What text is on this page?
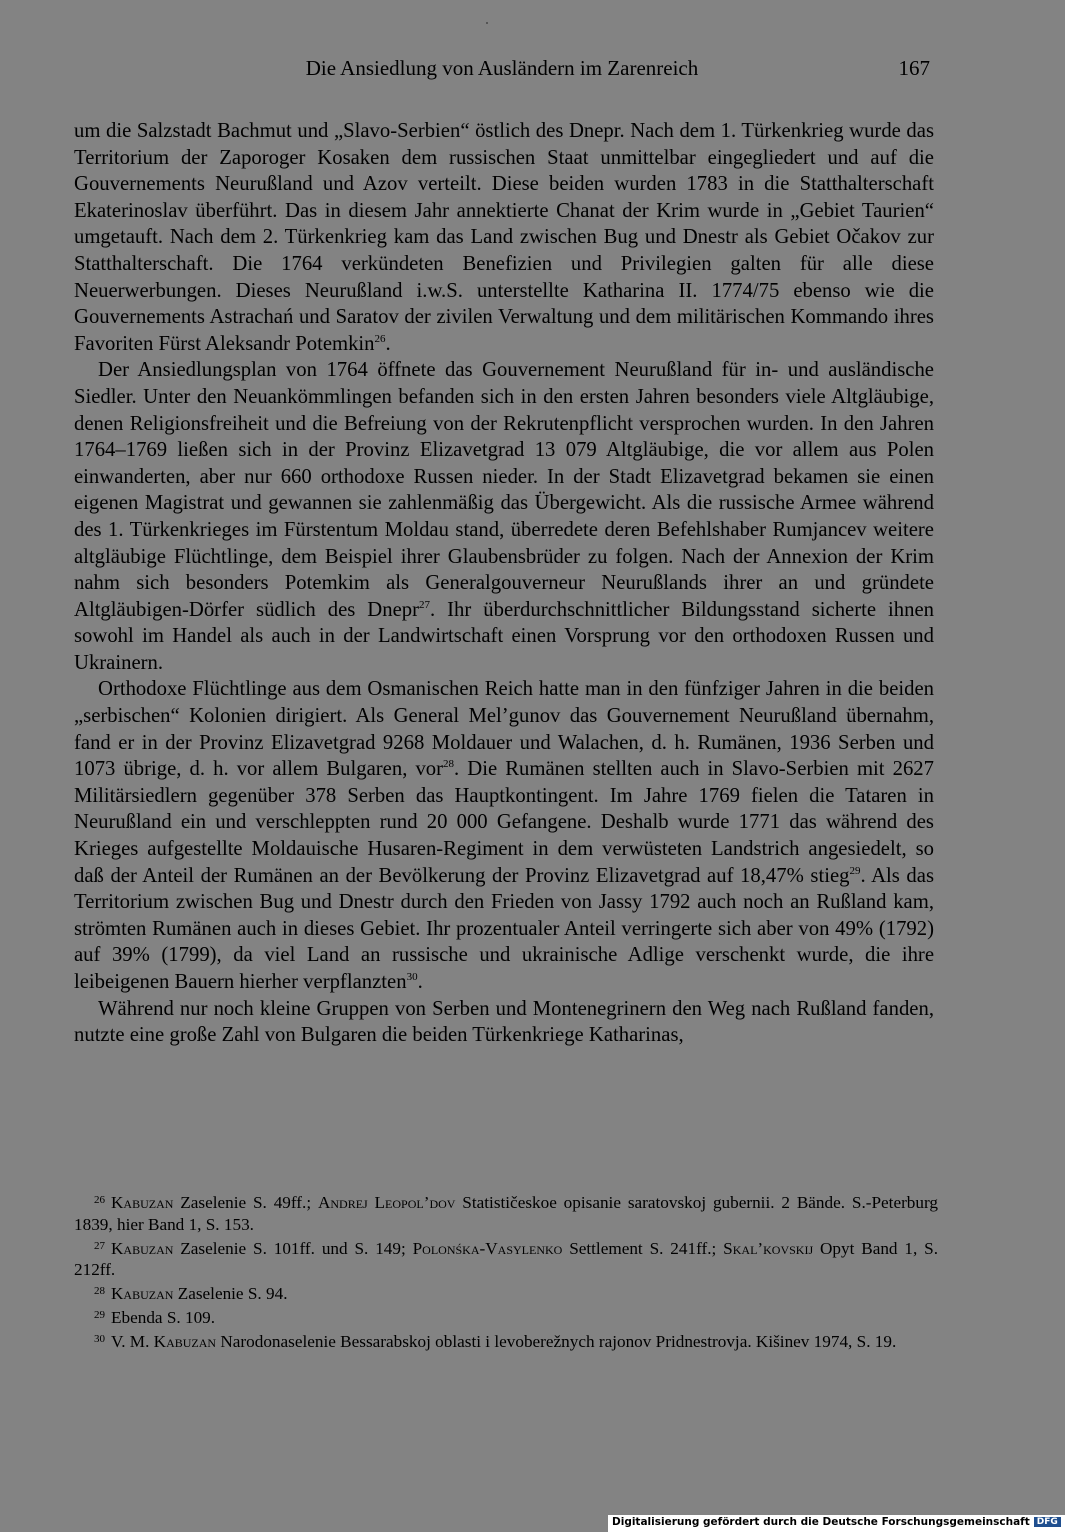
Die Ansiedlung von Ausländern im Zarenreich	167

um die Salzstadt Bachmut und „Slavo-Serbien“ östlich des Dnepr. Nach dem 1. Türkenkrieg wurde das Territorium der Zaporoger Kosaken dem russischen Staat unmittelbar eingegliedert und auf die Gouvernements Neurußland und Azov verteilt. Diese beiden wurden 1783 in die Statthalterschaft Ekaterinoslav überführt. Das in diesem Jahr annektierte Chanat der Krim wurde in „Gebiet Taurien“ umgetauft. Nach dem 2. Türkenkrieg kam das Land zwischen Bug und Dnestr als Gebiet Očakov zur Statthalterschaft. Die 1764 verkündeten Benefizien und Privilegien galten für alle diese Neuerwerbungen. Dieses Neurußland i.w.S. unterstellte Katharina II. 1774/75 ebenso wie die Gouvernements Astrachań und Saratov der zivilen Verwaltung und dem militärischen Kommando ihres Favoriten Fürst Aleksandr Potemkin$^{26}$.

Der Ansiedlungsplan von 1764 öffnete das Gouvernement Neurußland für in- und ausländische Siedler. Unter den Neuankömmlingen befanden sich in den ersten Jahren besonders viele Altgläubige, denen Religionsfreiheit und die Befreiung von der Rekrutenpflicht versprochen wurden. In den Jahren 1764–1769 ließen sich in der Provinz Elizavetgrad 13 079 Altgläubige, die vor allem aus Polen einwanderten, aber nur 660 orthodoxe Russen nieder. In der Stadt Elizavetgrad bekamen sie einen eigenen Magistrat und gewannen sie zahlenmäßig das Übergewicht. Als die russische Armee während des 1. Türkenkrieges im Fürstentum Moldau stand, überredete deren Befehlshaber Rumjancev weitere altgläubige Flüchtlinge, dem Beispiel ihrer Glaubensbrüder zu folgen. Nach der Annexion der Krim nahm sich besonders Potemkim als Generalgouverneur Neurußlands ihrer an und gründete Altgläubigen-Dörfer südlich des Dnepr$^{27}$. Ihr überdurchschnittlicher Bildungsstand sicherte ihnen sowohl im Handel als auch in der Landwirtschaft einen Vorsprung vor den orthodoxen Russen und Ukrainern.

Orthodoxe Flüchtlinge aus dem Osmanischen Reich hatte man in den fünfziger Jahren in die beiden „serbischen“ Kolonien dirigiert. Als General Mel’gunov das Gouvernement Neurußland übernahm, fand er in der Provinz Elizavetgrad 9268 Moldauer und Walachen, d. h. Rumänen, 1936 Serben und 1073 übrige, d. h. vor allem Bulgaren, vor$^{28}$. Die Rumänen stellten auch in Slavo-Serbien mit 2627 Militärsiedlern gegenüber 378 Serben das Hauptkontingent. Im Jahre 1769 fielen die Tataren in Neurußland ein und verschleppten rund 20 000 Gefangene. Deshalb wurde 1771 das während des Krieges aufgestellte Moldauische Husaren-Regiment in dem verwüsteten Landstrich angesiedelt, so daß der Anteil der Rumänen an der Bevölkerung der Provinz Elizavetgrad auf 18,47% stieg$^{29}$. Als das Territorium zwischen Bug und Dnestr durch den Frieden von Jassy 1792 auch noch an Rußland kam, strömten Rumänen auch in dieses Gebiet. Ihr prozentualer Anteil verringerte sich aber von 49% (1792) auf 39% (1799), da viel Land an russische und ukrainische Adlige verschenkt wurde, die ihre leibeigenen Bauern hierher verpflanzten$^{30}$.

Während nur noch kleine Gruppen von Serben und Montenegrinern den Weg nach Rußland fanden, nutzte eine große Zahl von Bulgaren die beiden Türkenkriege Katharinas,

$^{26}$ Kabuzan Zaselenie S. 49ff.; Andrej Leopol’dov Statističeskoe opisanie saratovskoj gubernii. 2 Bände. S.-Peterburg 1839, hier Band 1, S. 153.

$^{27}$ Kabuzan Zaselenie S. 101ff. und S. 149; Polonśka-Vasylenko Settlement S. 241ff.; Skal’kovskij Opyt Band 1, S. 212ff.

$^{28}$ Kabuzan Zaselenie S. 94.

$^{29}$ Ebenda S. 109.

$^{30}$ V. M. Kabuzan Narodonaselenie Bessarabskoj oblasti i levoberežnych rajonov Pridnestrovja. Kišinev 1974, S. 19.

Digitalisierung gefördert durch die Deutsche Forschungsgemeinschaft DFG
